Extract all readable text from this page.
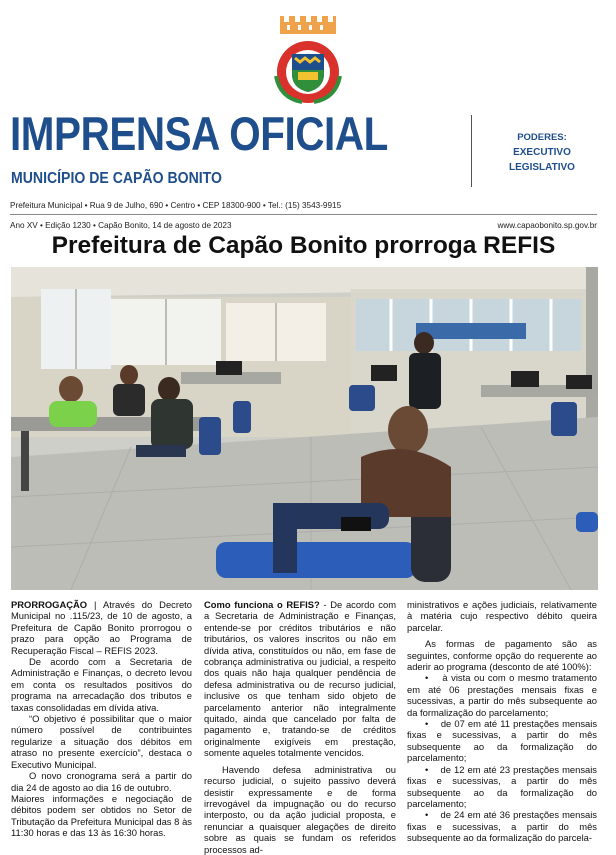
IMPRENSA OFICIAL
MUNICÍPIO DE CAPÃO BONITO
PODERES:
EXECUTIVO
LEGISLATIVO
Prefeitura Municipal • Rua 9 de Julho, 690 • Centro • CEP 18300-900 • Tel.: (15) 3543-9915
Ano XV • Edição 1230 • Capão Bonito, 14 de agosto de 2023	www.capaobonito.sp.gov.br
Prefeitura de Capão Bonito prorroga REFIS

PRORROGAÇÃO | Através do Decreto Municipal no .115/23, de 10 de agosto, a Prefeitura de Capão Bonito prorrogou o prazo para opção ao Programa de Recuperação Fiscal – REFIS 2023.

De acordo com a Secretaria de Administração e Finanças, o decreto levou em conta os resultados positivos do programa na arrecadação dos tributos e taxas consolidadas em dívida ativa.

“O objetivo é possibilitar que o maior número possível de contribuintes regularize a situação dos débitos em atraso no presente exercício”, destaca o Executivo Municipal.

O novo cronograma será a partir do dia 24 de agosto ao dia 16 de outubro.

Maiores informações e negociação de débitos podem ser obtidos no Setor de Tributação da Prefeitura Municipal das 8 às 11:30 horas e das 13 às 16:30 horas.

Como funciona o REFIS? - De acordo com a Secretaria de Administração e Finanças, entende-se por créditos tributários e não tributários, os valores inscritos ou não em dívida ativa, constituídos ou não, em fase de cobrança administrativa ou judicial, a respeito dos quais não haja qualquer pendência de defesa administrativa ou de recurso judicial, inclusive os que tenham sido objeto de parcelamento anterior não integralmente quitado, ainda que cancelado por falta de pagamento e, tratando-se de créditos originalmente exigíveis em prestação, somente aqueles totalmente vencidos.

Havendo defesa administrativa ou recurso judicial, o sujeito passivo deverá desistir expressamente e de forma irrevogável da impugnação ou do recurso interposto, ou da ação judicial proposta, e renunciar a quaisquer alegações de direito sobre as quais se fundam os referidos processos ad-

ministrativos e ações judiciais, relativamente à matéria cujo respectivo débito queira parcelar.

As formas de pagamento são as seguintes, conforme opção do requerente ao aderir ao programa (desconto de até 100%):

•    à vista ou com o mesmo tratamento em até 06 prestações mensais fixas e sucessivas, a partir do mês subsequente ao da formalização do parcelamento;

•    de 07 em até 11 prestações mensais fixas e sucessivas, a partir do mês subsequente ao da formalização do parcelamento;

•    de 12 em até 23 prestações mensais fixas e sucessivas, a partir do mês subsequente ao da formalização do parcelamento;

•    de 24 em até 36 prestações mensais fixas e sucessivas, a partir do mês subsequente ao da formalização do parcela-
